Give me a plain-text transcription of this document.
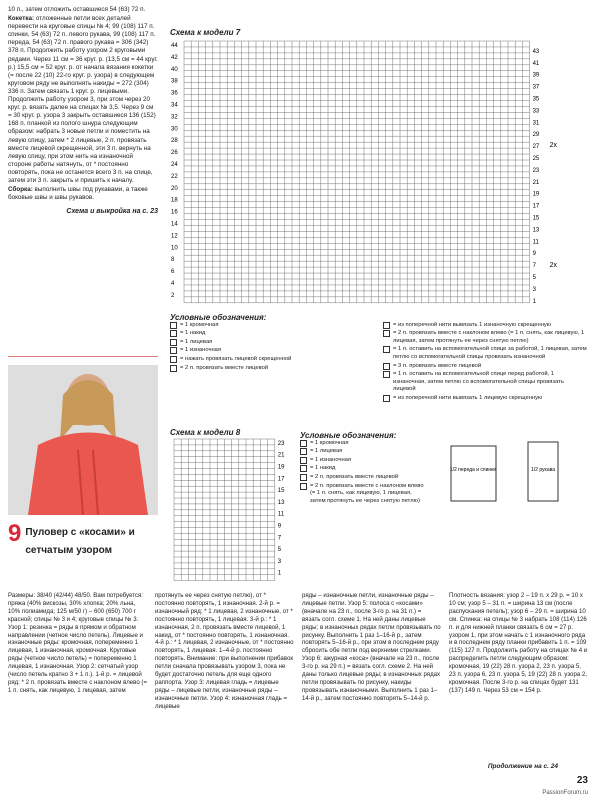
10 п., затем отложить оставшиеся 54 (63) 72 п.

Кокетка: отложенные петли всех деталей перевести на круговые спицы № 4; 99 (108) 117 п. спинки, 54 (63) 72 п. левого рукава, 99 (108) 117 п. переда, 54 (63) 72 п. правого рукава = 306 (342) 378 п. Продолжить работу узором 2 круговыми рядами. Через 11 см = 36 круг. р. (13,5 см = 44 круг. р.) 15,5 см = 52 круг. р. от начала вязания кокетки (= после 22 (10) 22-го круг. р. узора) в следующем круговом ряду не выполнять накиды = 272 (304) 336 п. Затем связать 1 круг. р. лицевыми. Продолжить работу узором 3, при этом через 20 круг. р. вязать далее на спицах № 3,5. Через 9 см = 30 круг. р. узора 3 закрыть оставшиеся 136 (152) 168 п. планкой из полого шнура следующим образом: набрать 3 новые петли и поместить на левую спицу, затем * 2 лицевые, 2 п. провязать вместе лицевой скрещенной, эти 3 п. вернуть на левую спицу, при этом нить на изнаночной стороне работы натянуть, от * постоянно повторять, пока не останется всего 3 п. на спице, затем эти 3 п. закрыть и пришить к началу.

Сборка: выполнить швы под рукавами, а также боковые швы и швы рукавов.

Схема и выкройка на с. 23
Схема к модели 7
44
42
40
38
36
34
32
30
28
26
24
22
20
18
16
14
12
10
8
6
4
2
43
41
39
37
35
33
31
29
27
25
23
21
19
17
15
13
11
9
7
5
3
1
2x
2x
Условные обозначения:
= 1 кромочная
= 1 накид
= 1 лицевая
= 1 изнаночная
= нажать провязать лицевой скрещенной
= 2 п. провязать вместе лицевой
= из поперечной нити вывязать 1 изнаночную скрещенную
= 2 п. провязать вместе с наклоном влево (= 1 п. снять, как лицевую, 1 лицевая, затем протянуть ее через снятую петлю)
= 1 п. оставить на вспомогательной спице за работой, 1 лицевая, затем петлю со вспомогательной спицы провязать изнаночной
= 3 п. провязать вместе лицевой
= 1 п. оставить на вспомогательной спице перед работой, 1 изнаночная, затем петлю со вспомогательной спицы провязать лицевой
= из поперечной нити вывязать 1 лицевую скрещенную
9 Пуловер с «косами» и сетчатым узором
Схема к модели 8
23
21
19
17
15
13
11
9
7
5
3
1
Условные обозначения:
= 1 кромочная
= 1 лицевая
= 1 изнаночная
= 1 накид
= 2 п. провязать вместе лицевой
= 2 п. провязать вместе с наклоном влево (= 1 п. снять, как лицевую, 1 лицевая, затем протянуть ее через снятую петлю)
1/2 переда и спинки	1/2 рукава
Размеры: 38/40 (42/44) 48/50. Вам потребуется: пряжа (40% вискозы, 30% хлопка; 20% льна, 10% полиамида; 125 м/50 г) – 600 (650) 700 г красной; спицы № 3 и 4; круговые спицы № 3. Узор 1: резинка = ряды в прямом и обратном направлении (четное число петель). Лицевые и изнаночные ряды: кромочная, попеременно 1 лицевая, 1 изнаночная, кромочная. Круговые ряды (четное число петель) = попеременно 1 лицевая, 1 изнаночная. Узор 2: сетчатый узор (число петель кратно 3 + 1 п.). 1-й р. = лицевой ряд: * 2 п. провязать вместе с наклоном влево (= 1 п. снять, как лицевую, 1 лицевая, затем
протянуть ее через снятую петлю), от * постоянно повторять, 1 изнаночная. 2-й р. = изнаночный ряд: * 1 лицевая, 2 изнаночные, от * постоянно повторять, 1 лицевая. 3-й р.: * 1 изнаночная, 2 п. провязать вместе лицевой, 1 накид, от * постоянно повторять, 1 изнаночная. 4-й р.: * 1 лицевая, 2 изнаночные, от * постоянно повторять, 1 лицевая. 1–4-й р. постоянно повторять. Внимание: при выполнении прибавок петли сначала провязывать узором 3, пока не будет достаточно петель для еще одного раппорта. Узор 3: лицевая гладь = лицевые ряды – лицевые петли, изнаночные ряды – изнаночные петли. Узор 4: изнаночная гладь = лицевые
ряды – изнаночные петли, изнаночные ряды – лицевые петли. Узор 5: полоса с «косами» (вначале на 23 п., после 3-го р. на 31 п.) = вязать согл. схеме 1. На ней даны лицевые ряды; в изнаночных рядах петли провязывать по рисунку. Выполнить 1 раз 1–16-й р., затем повторять 5–16-й р., при этом в последнем ряду сбросить обе петли под верхними стрелками. Узор 6: ажурная «коса» (вначале на 23 п., после 3-го р. на 29 п.) = вязать согл. схеме 2. На ней даны только лицевые ряды; в изнаночных рядах петли провязывать по рисунку, накиды провязывать изнаночными. Выполнить 1 раз 1–14-й р., затем постоянно повторять 5–14-й р.
Плотность вязания: узор 2 – 19 п. х 29 р. = 10 х 10 см; узор 5 – 31 п. = ширина 13 см (после распускания петель); узор 6 – 29 п. = ширина 10 см. Спинка: на спицы № 3 набрать 108 (114) 126 п. и для нижней планки связать 6 см = 27 р. узором 1, при этом начать с 1 изнаночного ряда и в последнем ряду планки прибавить 1 п. = 109 (115) 127 п. Продолжить работу на спицах № 4 и распределить петли следующим образом: кромочная, 19 (22) 28 п. узора 2, 23 п. узора 5, 23 п. узора 6, 23 п. узора 5, 19 (22) 28 п. узора 2, кромочная. После 3-го р. на спицах будет 131 (137) 149 п. Через 53 см = 154 р.
Продолжение на с. 24
23
PassionForum.ru
